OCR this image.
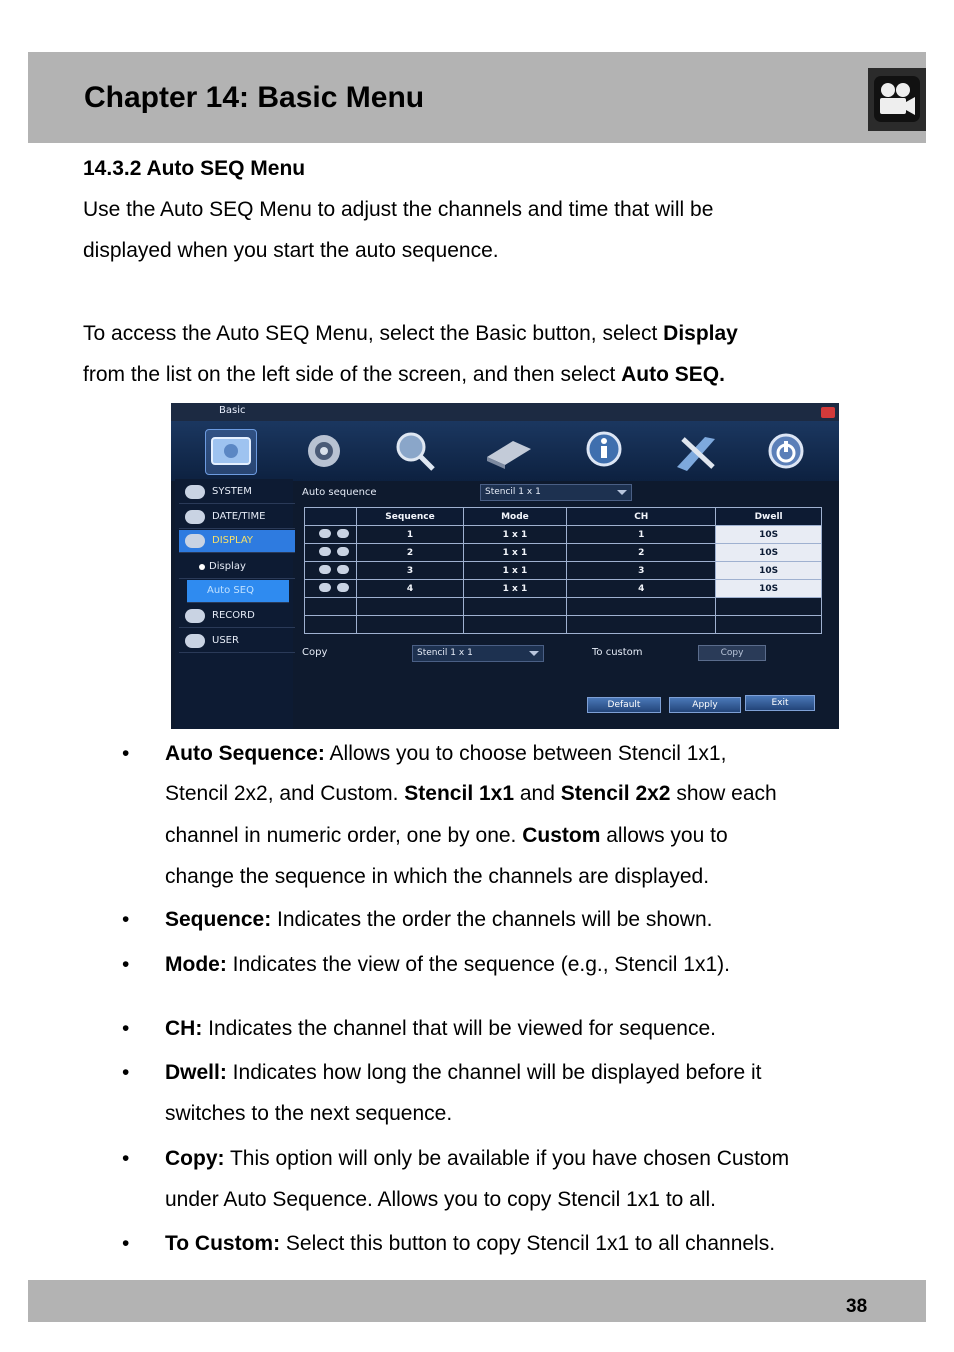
Chapter 14: Basic Menu
14.3.2 Auto SEQ Menu

Use the Auto SEQ Menu to adjust the channels and time that will be

displayed when you start the auto sequence.

To access the Auto SEQ Menu, select the Basic button, select Display

from the list on the left side of the screen, and then select Auto SEQ.

Basic
SYSTEM
DATE/TIME
DISPLAY
Display
Auto SEQ
RECORD
USER
Auto sequence	Stencil 1 x 1
	Sequence	Mode	CH	Dwell
	1	1 x 1	1	10S
	2	1 x 1	2	10S
	3	1 x 1	3	10S
	4	1 x 1	4	10S

Copy	Stencil 1 x 1	To custom	Copy
Default	Apply	Exit
• Auto Sequence: Allows you to choose between Stencil 1x1,

Stencil 2x2, and Custom. Stencil 1x1 and Stencil 2x2 show each

channel in numeric order, one by one. Custom allows you to

change the sequence in which the channels are displayed.

• Sequence: Indicates the order the channels will be shown.

• Mode: Indicates the view of the sequence (e.g., Stencil 1x1).

• CH: Indicates the channel that will be viewed for sequence.

• Dwell: Indicates how long the channel will be displayed before it

switches to the next sequence.

• Copy: This option will only be available if you have chosen Custom

under Auto Sequence. Allows you to copy Stencil 1x1 to all.

• To Custom: Select this button to copy Stencil 1x1 to all channels.

38
